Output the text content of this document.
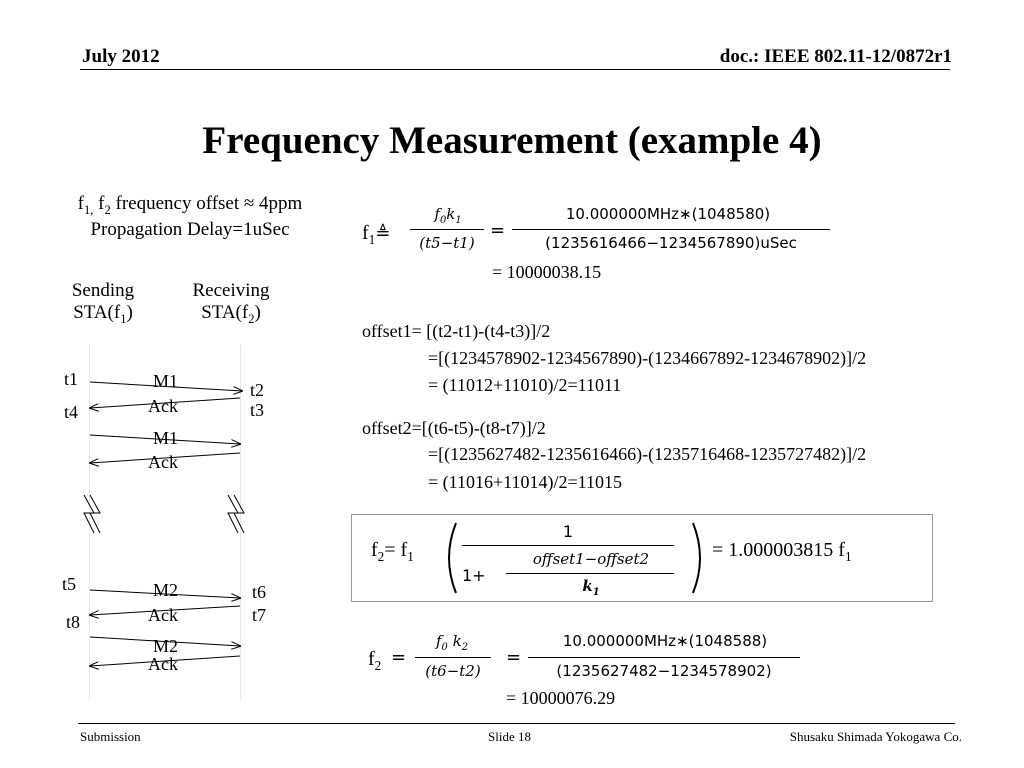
July 2012	doc.: IEEE 802.11-12/0872r1
Frequency Measurement (example 4)
$f_{1,}$ $f_2$ frequency offset ≈ 4ppm
Propagation Delay=1uSec
Sending
$STA(f_1)$
Receiving
$STA(f_2)$
t1
t4
t2
t3
M1
Ack
M1
Ack
t5
t8
t6
t7
M2
Ack
M2
Ack
$f_1≜$
$f_0k_1$
(t5−t1)
=
10.000000MHz∗(1048580)
(1235616466−1234567890)uSec
= 10000038.15
offset1= [(t2-t1)-(t4-t3)]/2
=[(1234578902-1234567890)-(1234667892-1234678902)]/2
= (11012+11010)/2=11011
offset2=[(t6-t5)-(t8-t7)]/2
=[(1235627482-1235616466)-(1235716468-1235727482)]/2
= (11016+11014)/2=11015
$f_2= f_1$
1
1+
offset1−offset2
$k_1$
= 1.000003815 $f_1$
$f_2$ =
$f_0$ $k_2$
(t6−t2)
=
10.000000MHz∗(1048588)
(1235627482−1234578902)
= 10000076.29
Submission	Slide 18	Shusaku Shimada Yokogawa Co.
